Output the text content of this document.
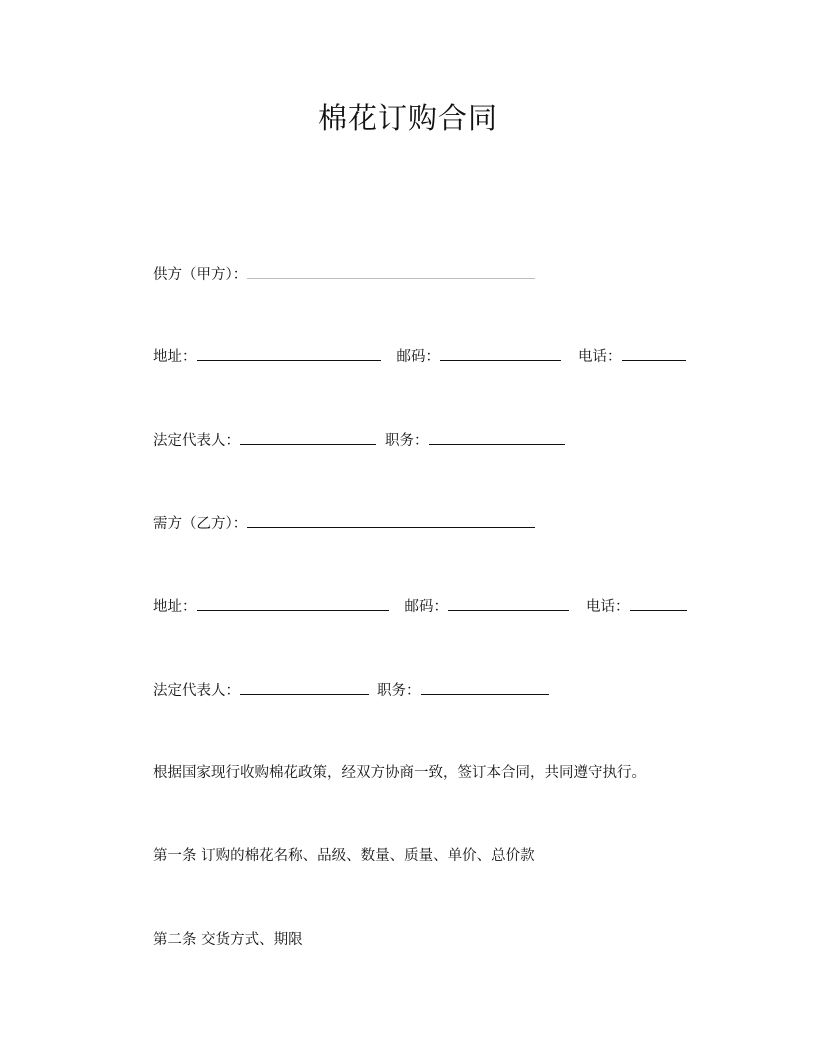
棉花订购合同
供方（甲方）：
地址：	邮码：	电话：
法定代表人：	职务：
需方（乙方）：
地址：	邮码：	电话：
法定代表人：	职务：
根据国家现行收购棉花政策，经双方协商一致，签订本合同，共同遵守执行。
第一条 订购的棉花名称、品级、数量、质量、单价、总价款
第二条 交货方式、期限
